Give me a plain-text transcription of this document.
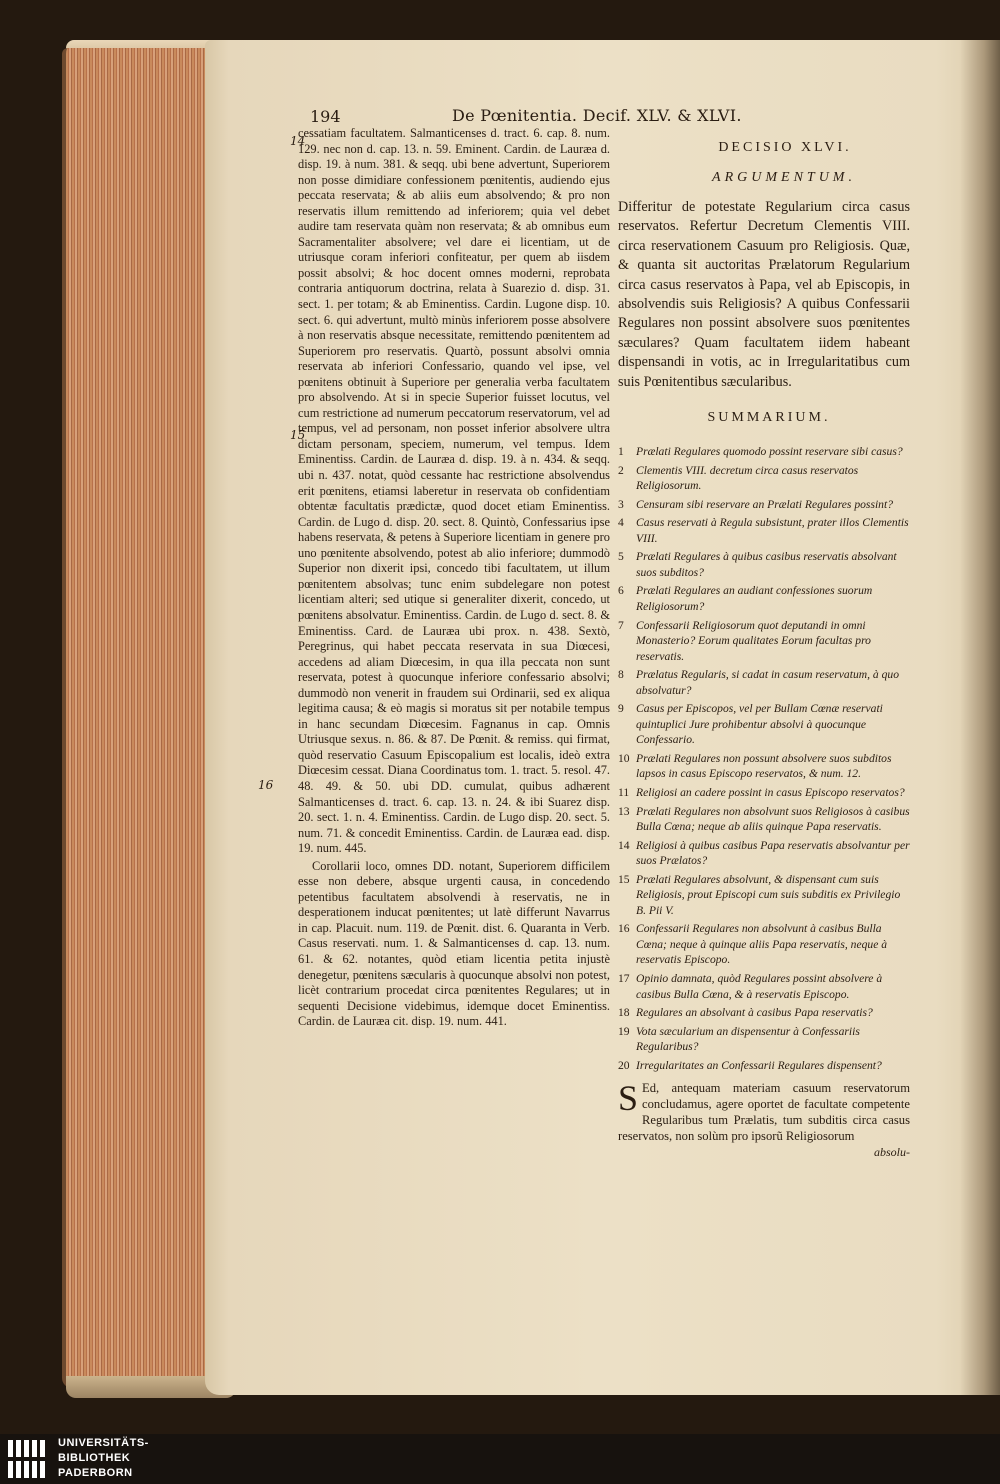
194	De Pœnitentia. Decif. XLV. & XLVI.
14
15
16

cessatiam facultatem. Salmanticenses d. tract. 6. cap. 8. num. 129. nec non d. cap. 13. n. 59. Eminent. Cardin. de Lauræa d. disp. 19. à num. 381. & seqq. ubi bene advertunt, Superiorem non posse dimidiare confessionem pœnitentis, audiendo ejus peccata reservata; & ab aliis eum absolvendo; & pro non reservatis illum remittendo ad inferiorem; quia vel debet audire tam reservata quàm non reservata; & ab omnibus eum Sacramentaliter absolvere; vel dare ei licentiam, ut de utriusque coram inferiori confiteatur, per quem ab iisdem possit absolvi; & hoc docent omnes moderni, reprobata contraria antiquorum doctrina, relata à Suarezio d. disp. 31. sect. 1. per totam; & ab Eminentiss. Cardin. Lugone disp. 10. sect. 6. qui advertunt, multò minùs inferiorem posse absolvere à non reservatis absque necessitate, remittendo pœnitentem ad Superiorem pro reservatis. Quartò, possunt absolvi omnia reservata ab inferiori Confessario, quando vel ipse, vel pœnitens obtinuit à Superiore per generalia verba facultatem pro absolvendo. At si in specie Superior fuisset locutus, vel cum restrictione ad numerum peccatorum reservatorum, vel ad tempus, vel ad personam, non posset inferior absolvere ultra dictam personam, speciem, numerum, vel tempus. Idem Eminentiss. Cardin. de Lauræa d. disp. 19. à n. 434. & seqq. ubi n. 437. notat, quòd cessante hac restrictione absolvendus erit pœnitens, etiamsi laberetur in reservata ob confidentiam obtentæ facultatis prædictæ, quod docet etiam Eminentiss. Cardin. de Lugo d. disp. 20. sect. 8. Quintò, Confessarius ipse habens reservata, & petens à Superiore licentiam in genere pro uno pœnitente absolvendo, potest ab alio inferiore; dummodò Superior non dixerit ipsi, concedo tibi facultatem, ut illum pœnitentem absolvas; tunc enim subdelegare non potest licentiam alteri; sed utique si generaliter dixerit, concedo, ut pœnitens absolvatur. Eminentiss. Cardin. de Lugo d. sect. 8. & Eminentiss. Card. de Lauræa ubi prox. n. 438. Sextò, Peregrinus, qui habet peccata reservata in sua Diœcesi, accedens ad aliam Diœcesim, in qua illa peccata non sunt reservata, potest à quocunque inferiore confessario absolvi; dummodò non venerit in fraudem sui Ordinarii, sed ex aliqua legitima causa; & eò magis si moratus sit per notabile tempus in hanc secundam Diœcesim. Fagnanus in cap. Omnis Utriusque sexus. n. 86. & 87. De Pœnit. & remiss. qui firmat, quòd reservatio Casuum Episcopalium est localis, ideò extra Diœcesim cessat. Diana Coordinatus tom. 1. tract. 5. resol. 47. 48. 49. & 50. ubi DD. cumulat, quibus adhærent Salmanticenses d. tract. 6. cap. 13. n. 24. & ibi Suarez disp. 20. sect. 1. n. 4. Eminentiss. Cardin. de Lugo disp. 20. sect. 5. num. 71. & concedit Eminentiss. Cardin. de Lauræa ead. disp. 19. num. 445.

Corollarii loco, omnes DD. notant, Superiorem difficilem esse non debere, absque urgenti causa, in concedendo petentibus facultatem absolvendi à reservatis, ne in desperationem inducat pœnitentes; ut latè differunt Navarrus in cap. Placuit. num. 119. de Pœnit. dist. 6. Quaranta in Verb. Casus reservati. num. 1. & Salmanticenses d. cap. 13. num. 61. & 62. notantes, quòd etiam licentia petita injustè denegetur, pœnitens sæcularis à quocunque absolvi non potest, licèt contrarium procedat circa pœnitentes Regulares; ut in sequenti Decisione videbimus, idemque docet Eminentiss. Cardin. de Lauræa cit. disp. 19. num. 441.

DECISIO XLVI.
ARGUMENTUM.
Differitur de potestate Regularium circa casus reservatos. Refertur Decretum Clementis VIII. circa reservationem Casuum pro Religiosis. Quæ, & quanta sit auctoritas Prælatorum Regularium circa casus reservatos à Papa, vel ab Episcopis, in absolvendis suis Religiosis? A quibus Confessarii Regulares non possint absolvere suos pœnitentes sæculares? Quam facultatem iidem habeant dispensandi in votis, ac in Irregularitatibus cum suis Pœnitentibus sæcularibus.
SUMMARIUM.
1 Prælati Regulares quomodo possint reservare sibi casus?
2 Clementis VIII. decretum circa casus reservatos Religiosorum.
3 Censuram sibi reservare an Prælati Regulares possint?
4 Casus reservati à Regula subsistunt, prater illos Clementis VIII.
5 Prælati Regulares à quibus casibus reservatis absolvant suos subditos?
6 Prælati Regulares an audiant confessiones suorum Religiosorum?
7 Confessarii Religiosorum quot deputandi in omni Monasterio? Eorum qualitates Eorum facultas pro reservatis.
8 Prælatus Regularis, si cadat in casum reservatum, à quo absolvatur?
9 Casus per Episcopos, vel per Bullam Cœnæ reservati quintuplici Jure prohibentur absolvi à quocunque Confessario.
10 Prælati Regulares non possunt absolvere suos subditos lapsos in casus Episcopo reservatos, & num. 12.
11 Religiosi an cadere possint in casus Episcopo reservatos?
13 Prælati Regulares non absolvunt suos Religiosos à casibus Bulla Cœna; neque ab aliis quinque Papa reservatis.
14 Religiosi à quibus casibus Papa reservatis absolvantur per suos Prælatos?
15 Prælati Regulares absolvunt, & dispensant cum suis Religiosis, prout Episcopi cum suis subditis ex Privilegio B. Pii V.
16 Confessarii Regulares non absolvunt à casibus Bulla Cœna; neque à quinque aliis Papa reservatis, neque à reservatis Episcopo.
17 Opinio damnata, quòd Regulares possint absolvere à casibus Bulla Cœna, & à reservatis Episcopo.
18 Regulares an absolvant à casibus Papa reservatis?
19 Vota sæcularium an dispensentur à Confessariis Regularibus?
20 Irregularitates an Confessarii Regulares dispensent?
S Ed, antequam materiam casuum reservatorum concludamus, agere oportet de facultate competente Regularibus tum Prælatis, tum subditis circa casus reservatos, non solùm pro ipsorũ Religiosorum
absolu-
UNIVERSITÄTS-
BIBLIOTHEK
PADERBORN
